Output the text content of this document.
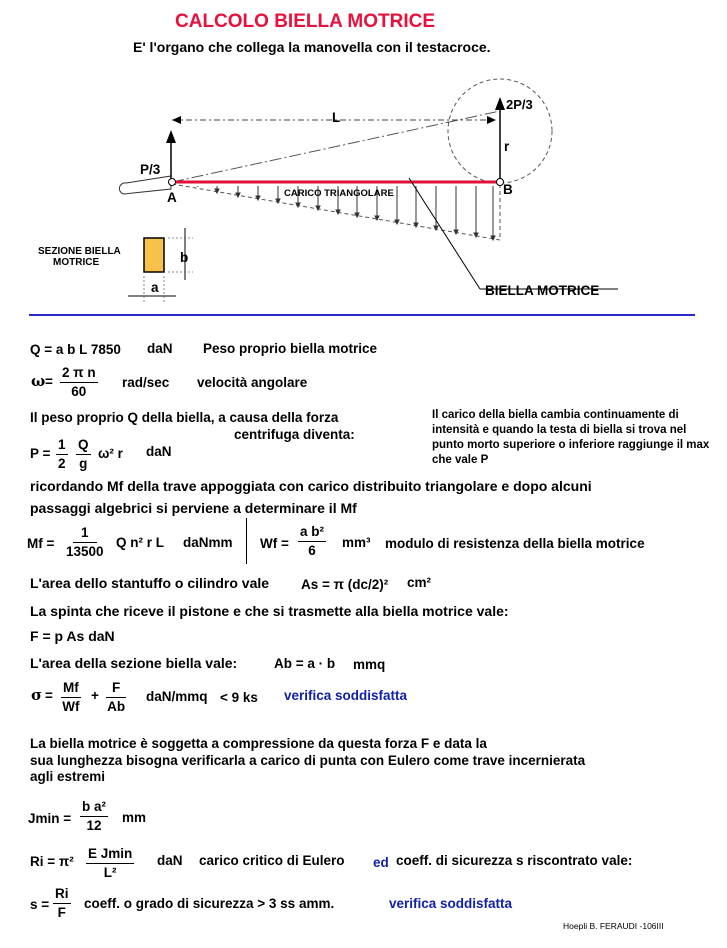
CALCOLO BIELLA MOTRICE
E' l'organo che collega la manovella con il testacroce.
L
2P/3
r
P/3
A
B
CARICO TRIANGOLARE
BIELLA MOTRICE
SEZIONE BIELLA
MOTRICE	b
a
Q = a b L 7850 daN Peso proprio biella motrice
$\omega = \frac{\text{2 π n}}{60} rad/\sec$ velocità angolare
Il peso proprio Q della biella, a causa della forza
centrifuga diventa:
Il carico della biella cambia continuamente di
intensità e quando la testa di biella si trova nel
punto morto superiore o inferiore raggiunge il max
che vale P
$P = \frac{1}{2} \frac{Q}{g} \omega^2$ r daN
ricordando Mf della trave appoggiata con carico distribuito triangolare e dopo alcuni
passaggi algebrici si perviene a determinare il Mf
$Mf = \frac{1}{13500}$ Q n² r L daNmm $Wf = \frac{\text{a b²}}{6} mm^3$ modulo di resistenza della biella motrice
L'area dello stantuffo o cilindro vale As = π (dc/2)² cm²
La spinta che riceve il pistone e che si trasmette alla biella motrice vale:
F = p As daN
L'area della sezione biella vale:	Ab = a · b mmq
$\sigma = \frac{Mf}{Wf} + \frac{F}{Ab} daN/mmq < 9$ ks verifica soddisfatta
La biella motrice è soggetta a compressione da questa forza F e data la
sua lunghezza bisogna verificarla a carico di punta con Eulero come trave incernierata
agli estremi
$Jmin = \frac{\text{b a²}}{12}$ mm
Ri = π²
E Jmin
L²
daN carico critico di Eulero ed coeff. di sicurezza s riscontrato vale:
$s = \frac{Ri}{F}$ coeff. o grado di sicurezza > 3 ss amm.	verifica soddisfatta
Hoepli B. FERAUDI -106III
